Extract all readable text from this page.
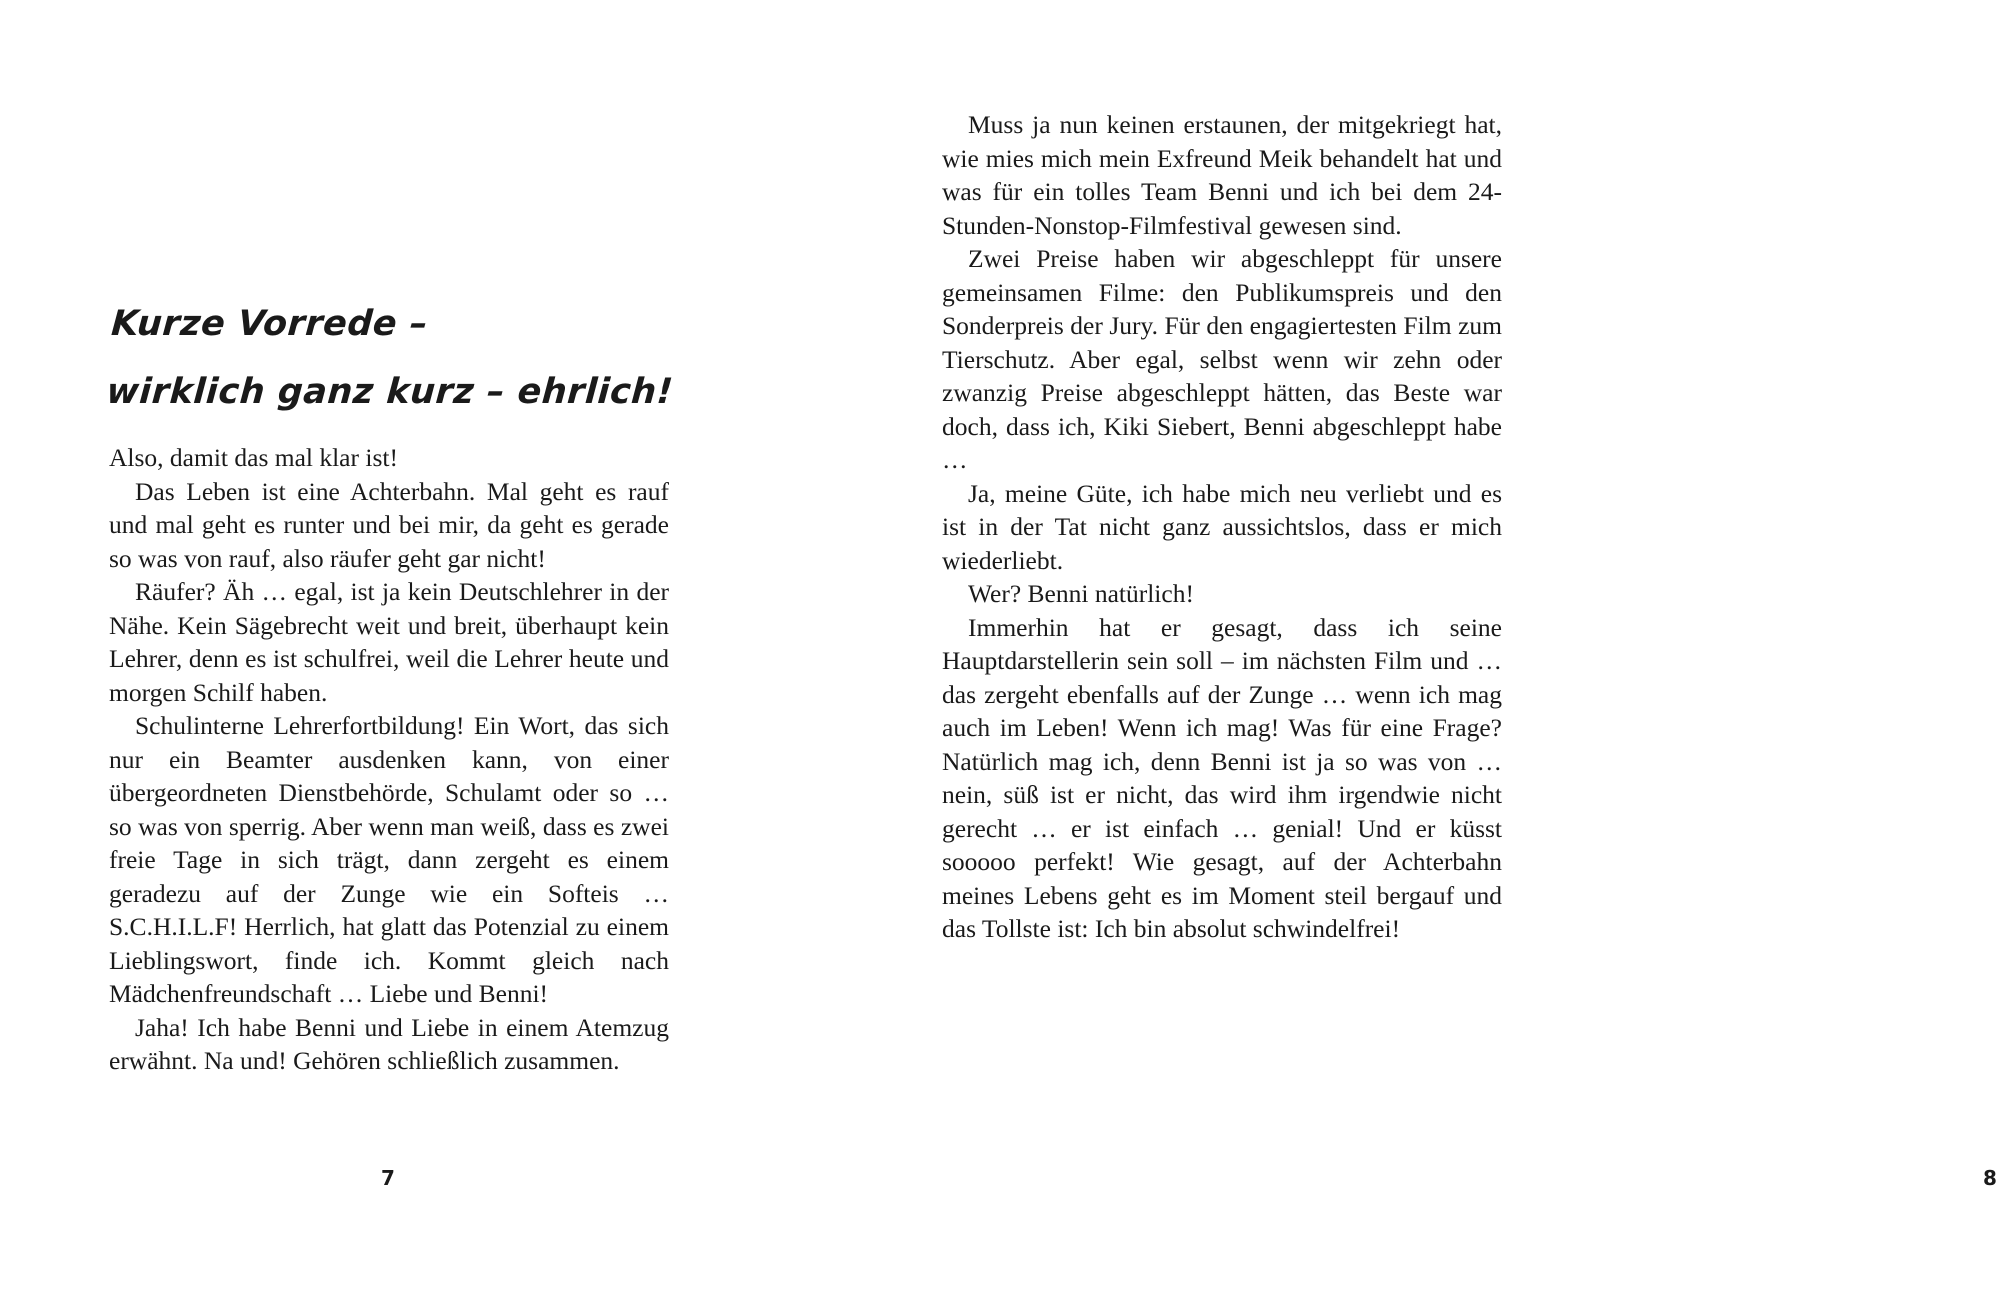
Kurze Vorrede –
wirklich ganz kurz – ehrlich!

Also, damit das mal klar ist!

Das Leben ist eine Achterbahn. Mal geht es rauf und mal geht es runter und bei mir, da geht es gerade so was von rauf, also räufer geht gar nicht!

Räufer? Äh … egal, ist ja kein Deutschlehrer in der Nähe. Kein Sägebrecht weit und breit, überhaupt kein Lehrer, denn es ist schulfrei, weil die Lehrer heute und morgen Schilf haben.

Schulinterne Lehrerfortbildung! Ein Wort, das sich nur ein Beamter ausdenken kann, von einer übergeordneten Dienstbehörde, Schulamt oder so … so was von sperrig. Aber wenn man weiß, dass es zwei freie Tage in sich trägt, dann zergeht es einem geradezu auf der Zunge wie ein Softeis … S.C.H.I.L.F! Herrlich, hat glatt das Potenzial zu einem Lieblingswort, finde ich. Kommt gleich nach Mädchenfreundschaft … Liebe und Benni!

Jaha! Ich habe Benni und Liebe in einem Atemzug erwähnt. Na und! Gehören schließlich zusammen.

7

Muss ja nun keinen erstaunen, der mitgekriegt hat, wie mies mich mein Exfreund Meik behandelt hat und was für ein tolles Team Benni und ich bei dem 24-Stunden-Nonstop-Filmfestival gewesen sind.

Zwei Preise haben wir abgeschleppt für unsere gemeinsamen Filme: den Publikumspreis und den Sonderpreis der Jury. Für den engagiertesten Film zum Tierschutz. Aber egal, selbst wenn wir zehn oder zwanzig Preise abgeschleppt hätten, das Beste war doch, dass ich, Kiki Siebert, Benni abgeschleppt habe …

Ja, meine Güte, ich habe mich neu verliebt und es ist in der Tat nicht ganz aussichtslos, dass er mich wiederliebt.

Wer? Benni natürlich!

Immerhin hat er gesagt, dass ich seine Hauptdarstellerin sein soll – im nächsten Film und … das zergeht ebenfalls auf der Zunge … wenn ich mag auch im Leben! Wenn ich mag! Was für eine Frage? Natürlich mag ich, denn Benni ist ja so was von … nein, süß ist er nicht, das wird ihm irgendwie nicht gerecht … er ist einfach … genial! Und er küsst sooooo perfekt! Wie gesagt, auf der Achterbahn meines Lebens geht es im Moment steil bergauf und das Tollste ist: Ich bin absolut schwindelfrei!

8
